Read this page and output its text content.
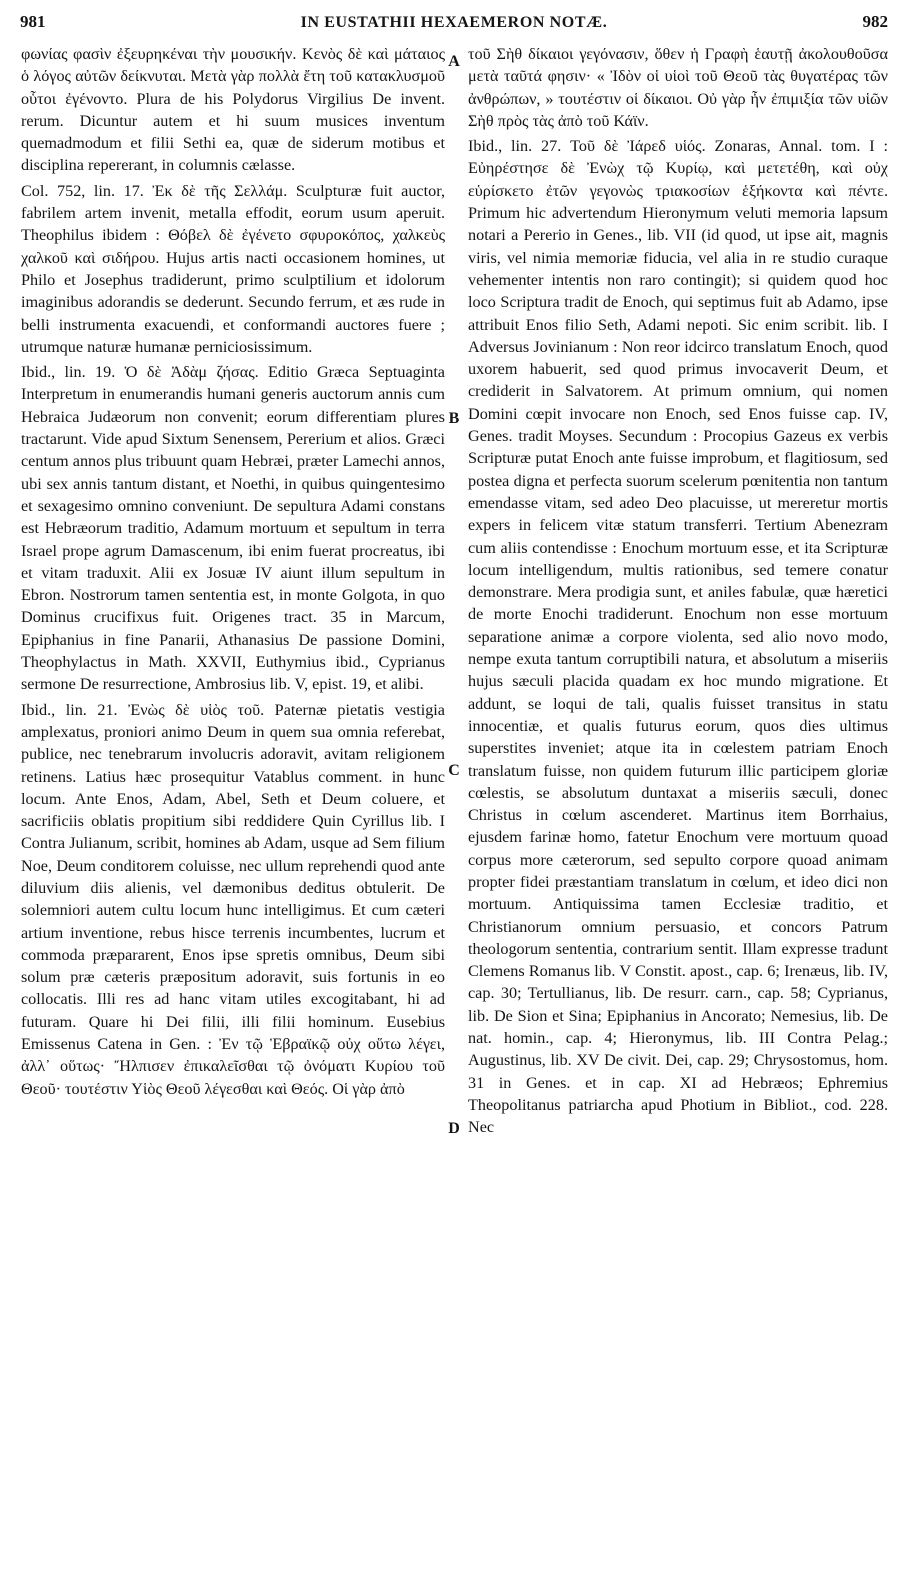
981	IN EUSTATHII HEXAEMERON NOTÆ.	982

φωνίας φασὶν ἐξευρηκέναι τὴν μουσικήν. Κενὸς δὲ καὶ μάταιος ὁ λόγος αὐτῶν δείκνυται. Μετὰ γὰρ πολλὰ ἔτη τοῦ κατακλυσμοῦ οὗτοι ἐγένοντο. Plura de his Polydorus Virgilius De invent. rerum. Dicuntur autem et hi suum musices inventum quemadmodum et filii Sethi ea, quæ de siderum motibus et disciplina repererant, in columnis cælasse.

Col. 752, lin. 17. Ἐκ δὲ τῆς Σελλάμ. Sculpturæ fuit auctor, fabrilem artem invenit, metalla effodit, eorum usum aperuit. Theophilus ibidem : Θόβελ δὲ ἐγένετο σφυροκόπος, χαλκεὺς χαλκοῦ καὶ σιδήρου. Hujus artis nacti occasionem homines, ut Philo et Josephus tradiderunt, primo sculptilium et idolorum imaginibus adorandis se dederunt. Secundo ferrum, et æs rude in belli instrumenta exacuendi, et conformandi auctores fuere ; utrumque naturæ humanæ perniciosissimum.

Ibid., lin. 19. Ὁ δὲ Ἀδὰμ ζήσας. Editio Græca Septuaginta Interpretum in enumerandis humani generis auctorum annis cum Hebraica Judæorum non convenit; eorum differentiam plures tractarunt. Vide apud Sixtum Senensem, Pererium et alios. Græci centum annos plus tribuunt quam Hebræi, præter Lamechi annos, ubi sex annis tantum distant, et Noethi, in quibus quingentesimo et sexagesimo omnino conveniunt. De sepultura Adami constans est Hebræorum traditio, Adamum mortuum et sepultum in terra Israel prope agrum Damascenum, ibi enim fuerat procreatus, ibi et vitam traduxit. Alii ex Josuæ IV aiunt illum sepultum in Ebron. Nostrorum tamen sententia est, in monte Golgota, in quo Dominus crucifixus fuit. Origenes tract. 35 in Marcum, Epiphanius in fine Panarii, Athanasius De passione Domini, Theophylactus in Math. XXVII, Euthymius ibid., Cyprianus sermone De resurrectione, Ambrosius lib. V, epist. 19, et alibi.

Ibid., lin. 21. Ἐνὼς δὲ υἱὸς τοῦ. Paternæ pietatis vestigia amplexatus, proniori animo Deum in quem sua omnia referebat, publice, nec tenebrarum involucris adoravit, avitam religionem retinens. Latius hæc prosequitur Vatablus comment. in hunc locum. Ante Enos, Adam, Abel, Seth et Deum coluere, et sacrificiis oblatis propitium sibi reddidere Quin Cyrillus lib. I Contra Julianum, scribit, homines ab Adam, usque ad Sem filium Noe, Deum conditorem coluisse, nec ullum reprehendi quod ante diluvium diis alienis, vel dæmonibus deditus obtulerit. De solemniori autem cultu locum hunc intelligimus. Et cum cæteri artium inventione, rebus hisce terrenis incumbentes, lucrum et commoda præpararent, Enos ipse spretis omnibus, Deum sibi solum præ cæteris præpositum adoravit, suis fortunis in eo collocatis. Illi res ad hanc vitam utiles excogitabant, hi ad futuram. Quare hi Dei filii, illi filii hominum. Eusebius Emissenus Catena in Gen. : Ἐν τῷ Ἑβραϊκῷ οὐχ οὕτω λέγει, ἀλλ᾽ οὕτως· Ἤλπισεν ἐπικαλεῖσθαι τῷ ὀνόματι Κυρίου τοῦ Θεοῦ· τουτέστιν Υἱὸς Θεοῦ λέγεσθαι καὶ Θεός. Οἱ γὰρ ἀπὸ

A
B
C
D

τοῦ Σὴθ δίκαιοι γεγόνασιν, ὅθεν ἡ Γραφὴ ἑαυτῇ ἀκολουθοῦσα μετὰ ταῦτά φησιν· « Ἰδὸν οἱ υἱοὶ τοῦ Θεοῦ τὰς θυγατέρας τῶν ἀνθρώπων, » τουτέστιν οἱ δίκαιοι. Οὐ γὰρ ἦν ἐπιμιξία τῶν υἱῶν Σὴθ πρὸς τὰς ἀπὸ τοῦ Κάϊν.

Ibid., lin. 27. Τοῦ δὲ Ἰάρεδ υἱός. Zonaras, Annal. tom. I : Εὐηρέστησε δὲ Ἐνὼχ τῷ Κυρίῳ, καὶ μετετέθη, καὶ οὐχ εὑρίσκετο ἐτῶν γεγονὼς τριακοσίων ἑξήκοντα καὶ πέντε. Primum hic advertendum Hieronymum veluti memoria lapsum notari a Pererio in Genes., lib. VII (id quod, ut ipse ait, magnis viris, vel nimia memoriæ fiducia, vel alia in re studio curaque vehementer intentis non raro contingit); si quidem quod hoc loco Scriptura tradit de Enoch, qui septimus fuit ab Adamo, ipse attribuit Enos filio Seth, Adami nepoti. Sic enim scribit. lib. I Adversus Jovinianum : Non reor idcirco translatum Enoch, quod uxorem habuerit, sed quod primus invocaverit Deum, et crediderit in Salvatorem. At primum omnium, qui nomen Domini cœpit invocare non Enoch, sed Enos fuisse cap. IV, Genes. tradit Moyses. Secundum : Procopius Gazeus ex verbis Scripturæ putat Enoch ante fuisse improbum, et flagitiosum, sed postea digna et perfecta suorum scelerum pœnitentia non tantum emendasse vitam, sed adeo Deo placuisse, ut mereretur mortis expers in felicem vitæ statum transferri. Tertium Abenezram cum aliis contendisse : Enochum mortuum esse, et ita Scripturæ locum intelligendum, multis rationibus, sed temere conatur demonstrare. Mera prodigia sunt, et aniles fabulæ, quæ hæretici de morte Enochi tradiderunt. Enochum non esse mortuum separatione animæ a corpore violenta, sed alio novo modo, nempe exuta tantum corruptibili natura, et absolutum a miseriis hujus sæculi placida quadam ex hoc mundo migratione. Et addunt, se loqui de tali, qualis fuisset transitus in statu innocentiæ, et qualis futurus eorum, quos dies ultimus superstites inveniet; atque ita in cœlestem patriam Enoch translatum fuisse, non quidem futurum illic participem gloriæ cœlestis, se absolutum duntaxat a miseriis sæculi, donec Christus in cœlum ascenderet. Martinus item Borrhaius, ejusdem farinæ homo, fatetur Enochum vere mortuum quoad corpus more cæterorum, sed sepulto corpore quoad animam propter fidei præstantiam translatum in cœlum, et ideo dici non mortuum. Antiquissima tamen Ecclesiæ traditio, et Christianorum omnium persuasio, et concors Patrum theologorum sententia, contrarium sentit. Illam expresse tradunt Clemens Romanus lib. V Constit. apost., cap. 6; Irenæus, lib. IV, cap. 30; Tertullianus, lib. De resurr. carn., cap. 58; Cyprianus, lib. De Sion et Sina; Epiphanius in Ancorato; Nemesius, lib. De nat. homin., cap. 4; Hieronymus, lib. III Contra Pelag.; Augustinus, lib. XV De civit. Dei, cap. 29; Chrysostomus, hom. 31 in Genes. et in cap. XI ad Hebræos; Ephremius Theopolitanus patriarcha apud Photium in Bibliot., cod. 228. Nec
